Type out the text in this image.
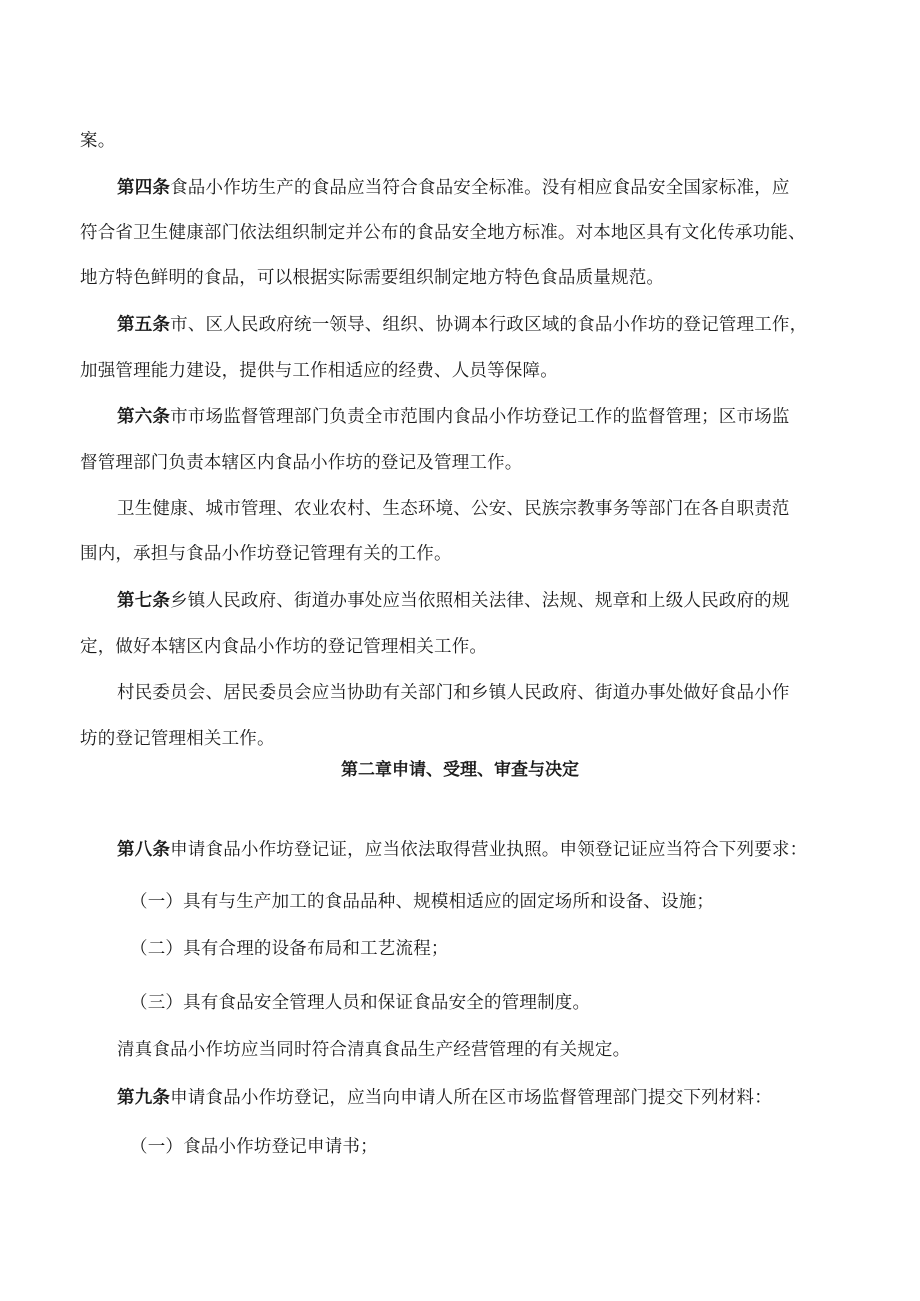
案。
第四条食品小作坊生产的食品应当符合食品安全标准。没有相应食品安全国家标准，应
符合省卫生健康部门依法组织制定并公布的食品安全地方标准。对本地区具有文化传承功能、
地方特色鲜明的食品，可以根据实际需要组织制定地方特色食品质量规范。
第五条市、区人民政府统一领导、组织、协调本行政区域的食品小作坊的登记管理工作，
加强管理能力建设，提供与工作相适应的经费、人员等保障。
第六条市市场监督管理部门负责全市范围内食品小作坊登记工作的监督管理；区市场监
督管理部门负责本辖区内食品小作坊的登记及管理工作。
卫生健康、城市管理、农业农村、生态环境、公安、民族宗教事务等部门在各自职责范
围内，承担与食品小作坊登记管理有关的工作。
第七条乡镇人民政府、街道办事处应当依照相关法律、法规、规章和上级人民政府的规
定，做好本辖区内食品小作坊的登记管理相关工作。
村民委员会、居民委员会应当协助有关部门和乡镇人民政府、街道办事处做好食品小作
坊的登记管理相关工作。
第二章申请、受理、审查与决定
第八条申请食品小作坊登记证，应当依法取得营业执照。申领登记证应当符合下列要求：
（一）具有与生产加工的食品品种、规模相适应的固定场所和设备、设施；
（二）具有合理的设备布局和工艺流程；
（三）具有食品安全管理人员和保证食品安全的管理制度。
清真食品小作坊应当同时符合清真食品生产经营管理的有关规定。
第九条申请食品小作坊登记，应当向申请人所在区市场监督管理部门提交下列材料：
（一）食品小作坊登记申请书；
